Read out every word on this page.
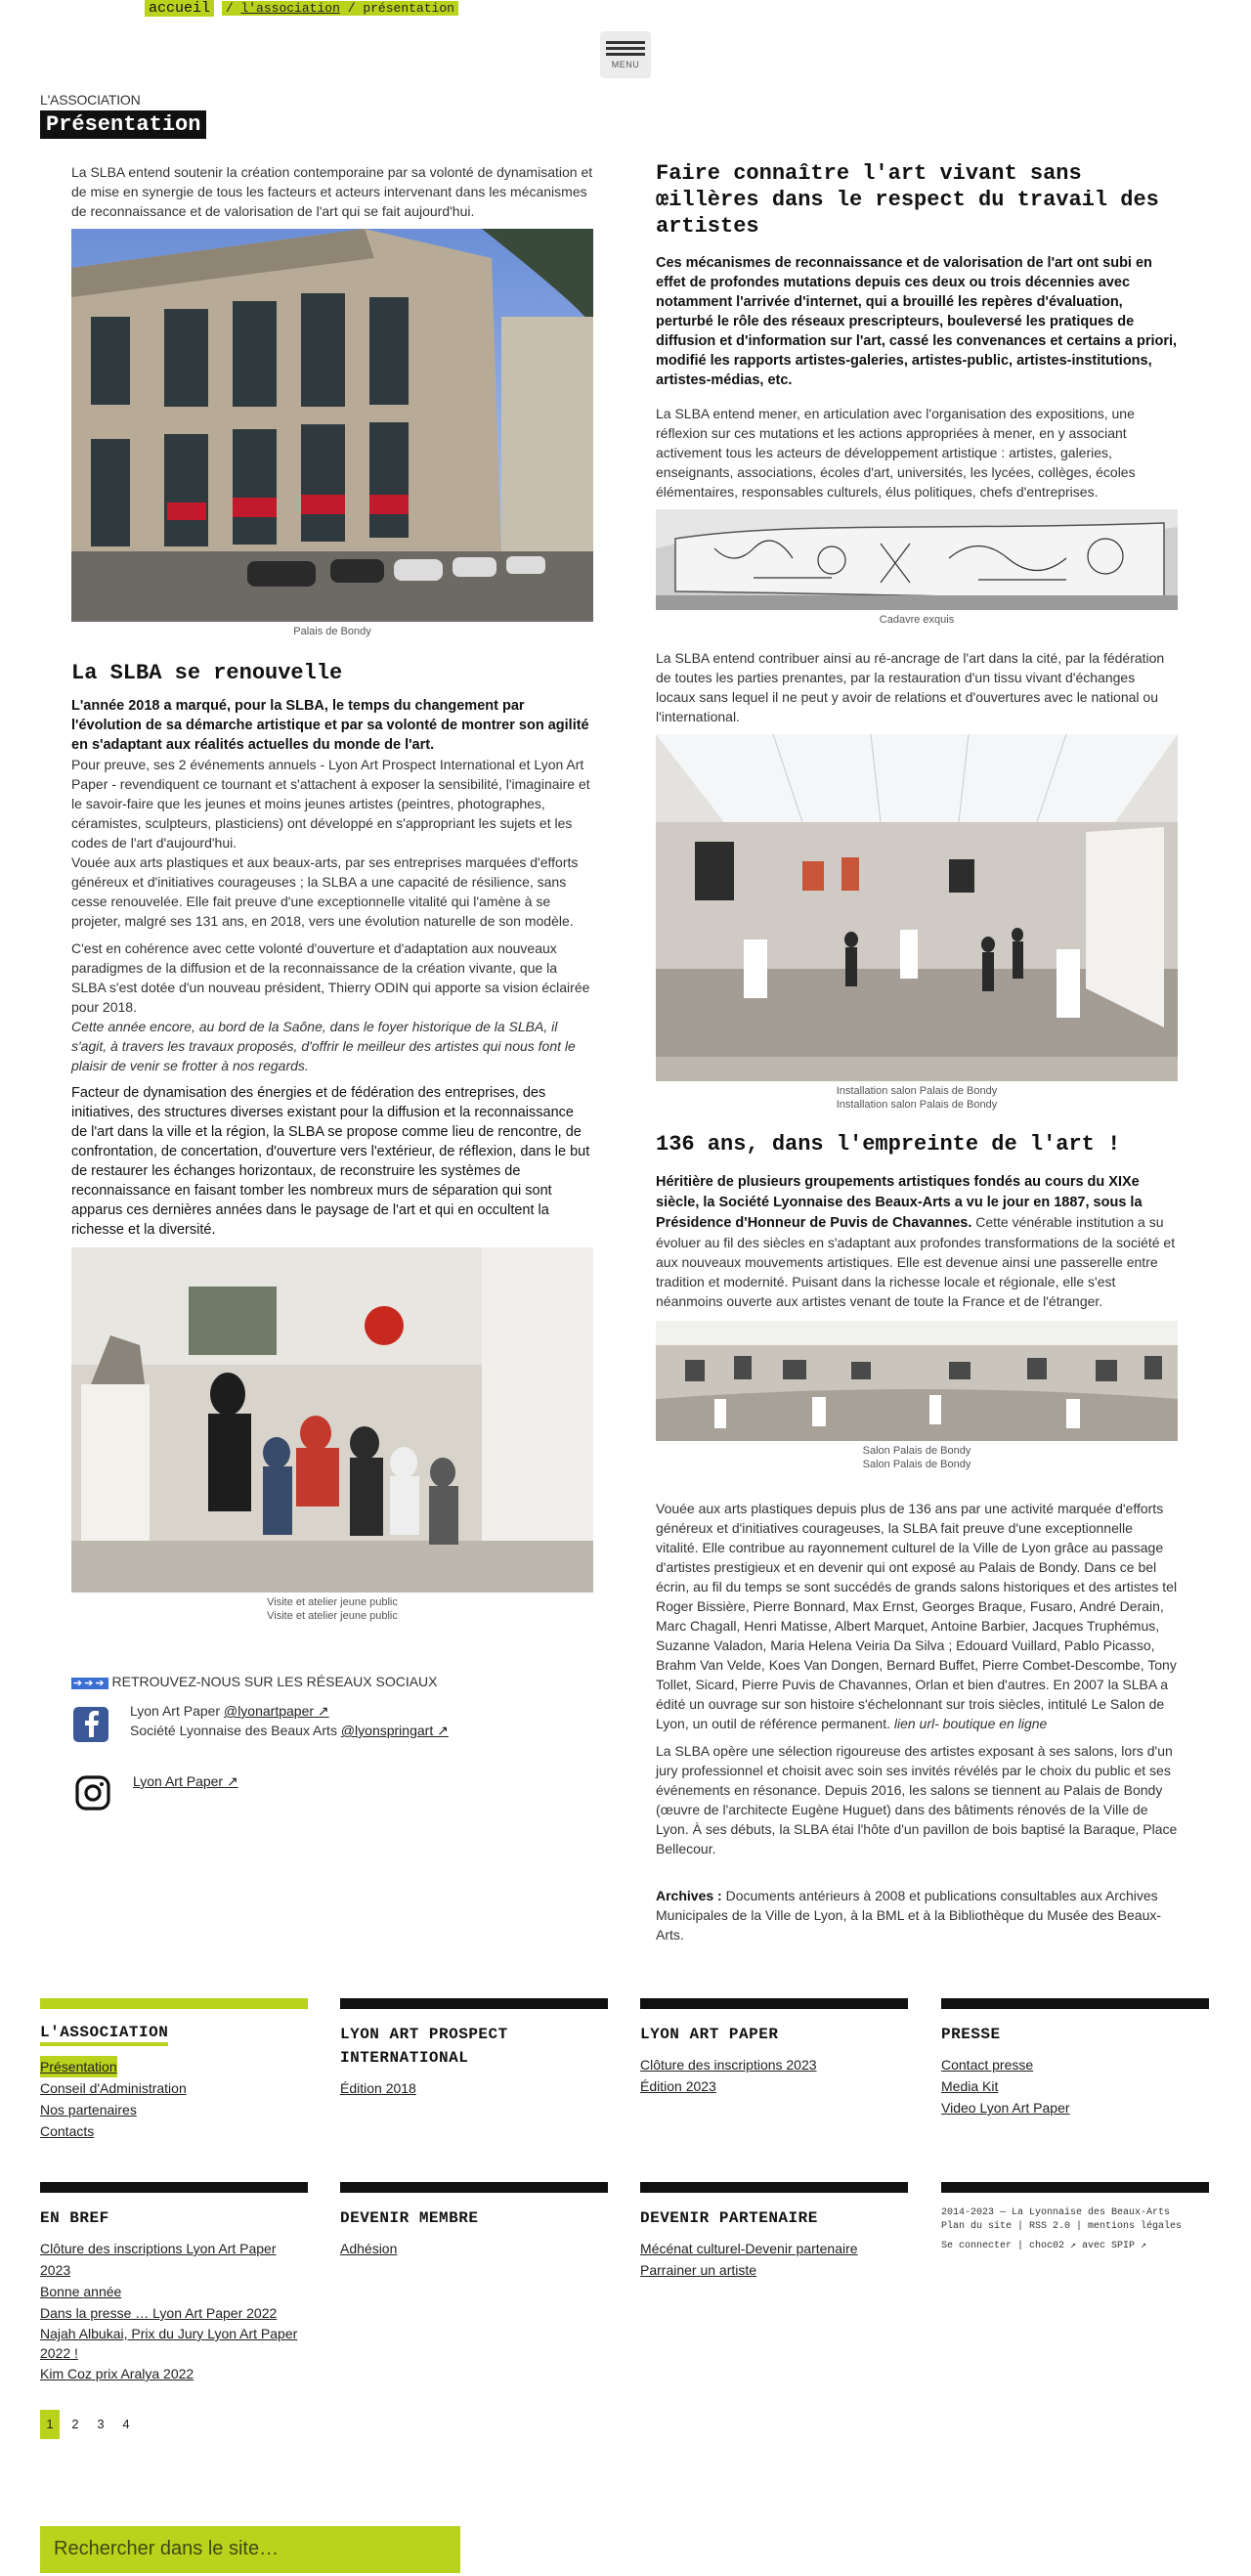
accueil / l'association / présentation
MENU
L'ASSOCIATION
Présentation

La SLBA entend soutenir la création contemporaine par sa volonté de dynamisation et de mise en synergie de tous les facteurs et acteurs intervenant dans les mécanismes de reconnaissance et de valorisation de l'art qui se fait aujourd'hui.

Palais de Bondy
La SLBA se renouvelle

L'année 2018 a marqué, pour la SLBA, le temps du changement par l'évolution de sa démarche artistique et par sa volonté de montrer son agilité en s'adaptant aux réalités actuelles du monde de l'art.

Pour preuve, ses 2 événements annuels - Lyon Art Prospect International et Lyon Art Paper - revendiquent ce tournant et s'attachent à exposer la sensibilité, l'imaginaire et le savoir-faire que les jeunes et moins jeunes artistes (peintres, photographes, céramistes, sculpteurs, plasticiens) ont développé en s'appropriant les sujets et les codes de l'art d'aujourd'hui.

Vouée aux arts plastiques et aux beaux-arts, par ses entreprises marquées d'efforts généreux et d'initiatives courageuses ; la SLBA a une capacité de résilience, sans cesse renouvelée. Elle fait preuve d'une exceptionnelle vitalité qui l'amène à se projeter, malgré ses 131 ans, en 2018, vers une évolution naturelle de son modèle.

C'est en cohérence avec cette volonté d'ouverture et d'adaptation aux nouveaux paradigmes de la diffusion et de la reconnaissance de la création vivante, que la SLBA s'est dotée d'un nouveau président, Thierry ODIN qui apporte sa vision éclairée pour 2018.

Cette année encore, au bord de la Saône, dans le foyer historique de la SLBA, il s'agit, à travers les travaux proposés, d'offrir le meilleur des artistes qui nous font le plaisir de venir se frotter à nos regards.

Facteur de dynamisation des énergies et de fédération des entreprises, des initiatives, des structures diverses existant pour la diffusion et la reconnaissance de l'art dans la ville et la région, la SLBA se propose comme lieu de rencontre, de confrontation, de concertation, d'ouverture vers l'extérieur, de réflexion, dans le but de restaurer les échanges horizontaux, de reconstruire les systèmes de reconnaissance en faisant tomber les nombreux murs de séparation qui sont apparus ces dernières années dans le paysage de l'art et qui en occultent la richesse et la diversité.

Visite et atelier jeune public
Visite et atelier jeune public
➔➔➔ RETROUVEZ-NOUS SUR LES RÉSEAUX SOCIAUX
Lyon Art Paper @lyonartpaper ↗
Société Lyonnaise des Beaux Arts @lyonspringart ↗
Lyon Art Paper ↗
Faire connaître l'art vivant sans œillères dans le respect du travail des artistes

Ces mécanismes de reconnaissance et de valorisation de l'art ont subi en effet de profondes mutations depuis ces deux ou trois décennies avec notamment l'arrivée d'internet, qui a brouillé les repères d'évaluation, perturbé le rôle des réseaux prescripteurs, bouleversé les pratiques de diffusion et d'information sur l'art, cassé les convenances et certains a priori, modifié les rapports artistes-galeries, artistes-public, artistes-institutions, artistes-médias, etc.

La SLBA entend mener, en articulation avec l'organisation des expositions, une réflexion sur ces mutations et les actions appropriées à mener, en y associant activement tous les acteurs de développement artistique : artistes, galeries, enseignants, associations, écoles d'art, universités, les lycées, collèges, écoles élémentaires, responsables culturels, élus politiques, chefs d'entreprises.

Cadavre exquis

La SLBA entend contribuer ainsi au ré-ancrage de l'art dans la cité, par la fédération de toutes les parties prenantes, par la restauration d'un tissu vivant d'échanges locaux sans lequel il ne peut y avoir de relations et d'ouvertures avec le national ou l'international.

Installation salon Palais de Bondy
Installation salon Palais de Bondy
136 ans, dans l'empreinte de l'art !

Héritière de plusieurs groupements artistiques fondés au cours du XIXe siècle, la Société Lyonnaise des Beaux-Arts a vu le jour en 1887, sous la Présidence d'Honneur de Puvis de Chavannes. Cette vénérable institution a su évoluer au fil des siècles en s'adaptant aux profondes transformations de la société et aux nouveaux mouvements artistiques. Elle est devenue ainsi une passerelle entre tradition et modernité. Puisant dans la richesse locale et régionale, elle s'est néanmoins ouverte aux artistes venant de toute la France et de l'étranger.

Salon Palais de Bondy
Salon Palais de Bondy

Vouée aux arts plastiques depuis plus de 136 ans par une activité marquée d'efforts généreux et d'initiatives courageuses, la SLBA fait preuve d'une exceptionnelle vitalité. Elle contribue au rayonnement culturel de la Ville de Lyon grâce au passage d'artistes prestigieux et en devenir qui ont exposé au Palais de Bondy. Dans ce bel écrin, au fil du temps se sont succédés de grands salons historiques et des artistes tel Roger Bissière, Pierre Bonnard, Max Ernst, Georges Braque, Fusaro, André Derain, Marc Chagall, Henri Matisse, Albert Marquet, Antoine Barbier, Jacques Truphémus, Suzanne Valadon, Maria Helena Veiria Da Silva ; Edouard Vuillard, Pablo Picasso, Brahm Van Velde, Koes Van Dongen, Bernard Buffet, Pierre Combet-Descombe, Tony Tollet, Sicard, Pierre Puvis de Chavannes, Orlan et bien d'autres. En 2007 la SLBA a édité un ouvrage sur son histoire s'échelonnant sur trois siècles, intitulé Le Salon de Lyon, un outil de référence permanent. lien url- boutique en ligne

La SLBA opère une sélection rigoureuse des artistes exposant à ses salons, lors d'un jury professionnel et choisit avec soin ses invités révélés par le choix du public et ses événements en résonance. Depuis 2016, les salons se tiennent au Palais de Bondy (œuvre de l'architecte Eugène Huguet) dans des bâtiments rénovés de la Ville de Lyon. À ses débuts, la SLBA étai l'hôte d'un pavillon de bois baptisé la Baraque, Place Bellecour.

Archives : Documents antérieurs à 2008 et publications consultables aux Archives Municipales de la Ville de Lyon, à la BML et à la Bibliothèque du Musée des Beaux-Arts.

L'ASSOCIATION
Présentation
Conseil d'Administration
Nos partenaires
Contacts
LYON ART PROSPECT INTERNATIONAL
Édition 2018
LYON ART PAPER
Clôture des inscriptions 2023
Édition 2023
PRESSE
Contact presse
Media Kit
Video Lyon Art Paper
EN BREF
Clôture des inscriptions Lyon Art Paper 2023
Bonne année
Dans la presse … Lyon Art Paper 2022
Najah Albukai, Prix du Jury Lyon Art Paper 2022 !
Kim Coz prix Aralya 2022
1 2 3 4
DEVENIR MEMBRE
Adhésion
DEVENIR PARTENAIRE
Mécénat culturel-Devenir partenaire
Parrainer un artiste
2014-2023 — La Lyonnaise des Beaux-Arts
Plan du site | RSS 2.0 | mentions légales
Se connecter | choc02 ↗ avec SPIP ↗
Rechercher dans le site…
